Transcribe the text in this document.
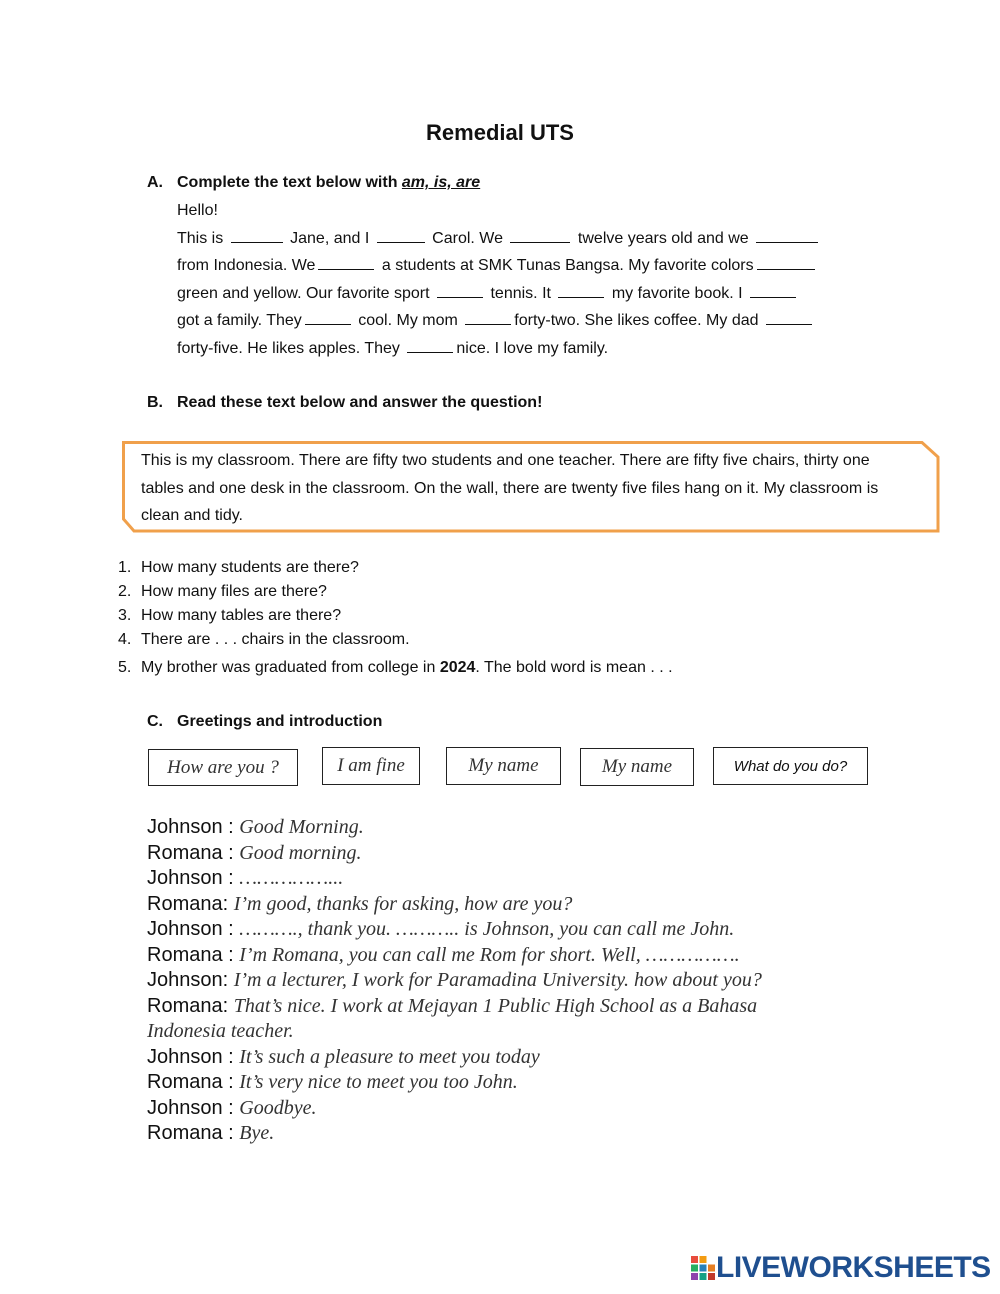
Remedial UTS
A. Complete the text below with am, is, are
Hello!
This is	Jane, and I	Carol. We	twelve years old and we
from Indonesia. We	a students at SMK Tunas Bangsa. My favorite colors
green and yellow. Our favorite sport	tennis. It	my favorite book. I
got a family. They	cool. My mom	forty-two. She likes coffee. My dad
forty-five. He likes apples. They	nice. I love my family.
B. Read these text below and answer the question!
This is my classroom. There are fifty two students and one teacher. There are fifty five chairs, thirty one tables and one desk in the classroom. On the wall, there are twenty five files hang on it. My classroom is clean and tidy.
1. How many students are there?
2. How many files are there?
3. How many tables are there?
4. There are . . . chairs in the classroom.
5. My brother was graduated from college in 2024. The bold word is mean . . .
C. Greetings and introduction
How are you ?	I am fine	My name	My name	What do you do?
Johnson : Good Morning.
Romana : Good morning.
Johnson : ……………...
Romana: I’m good, thanks for asking, how are you?
Johnson : ………., thank you. ……….. is Johnson, you can call me John.
Romana : I’m Romana, you can call me Rom for short. Well, …………….
Johnson: I’m a lecturer, I work for Paramadina University. how about you?
Romana: That’s nice. I work at Mejayan 1 Public High School as a Bahasa
Indonesia teacher.
Johnson : It’s such a pleasure to meet you today
Romana : It’s very nice to meet you too John.
Johnson : Goodbye.
Romana : Bye.
LIVEWORKSHEETS
